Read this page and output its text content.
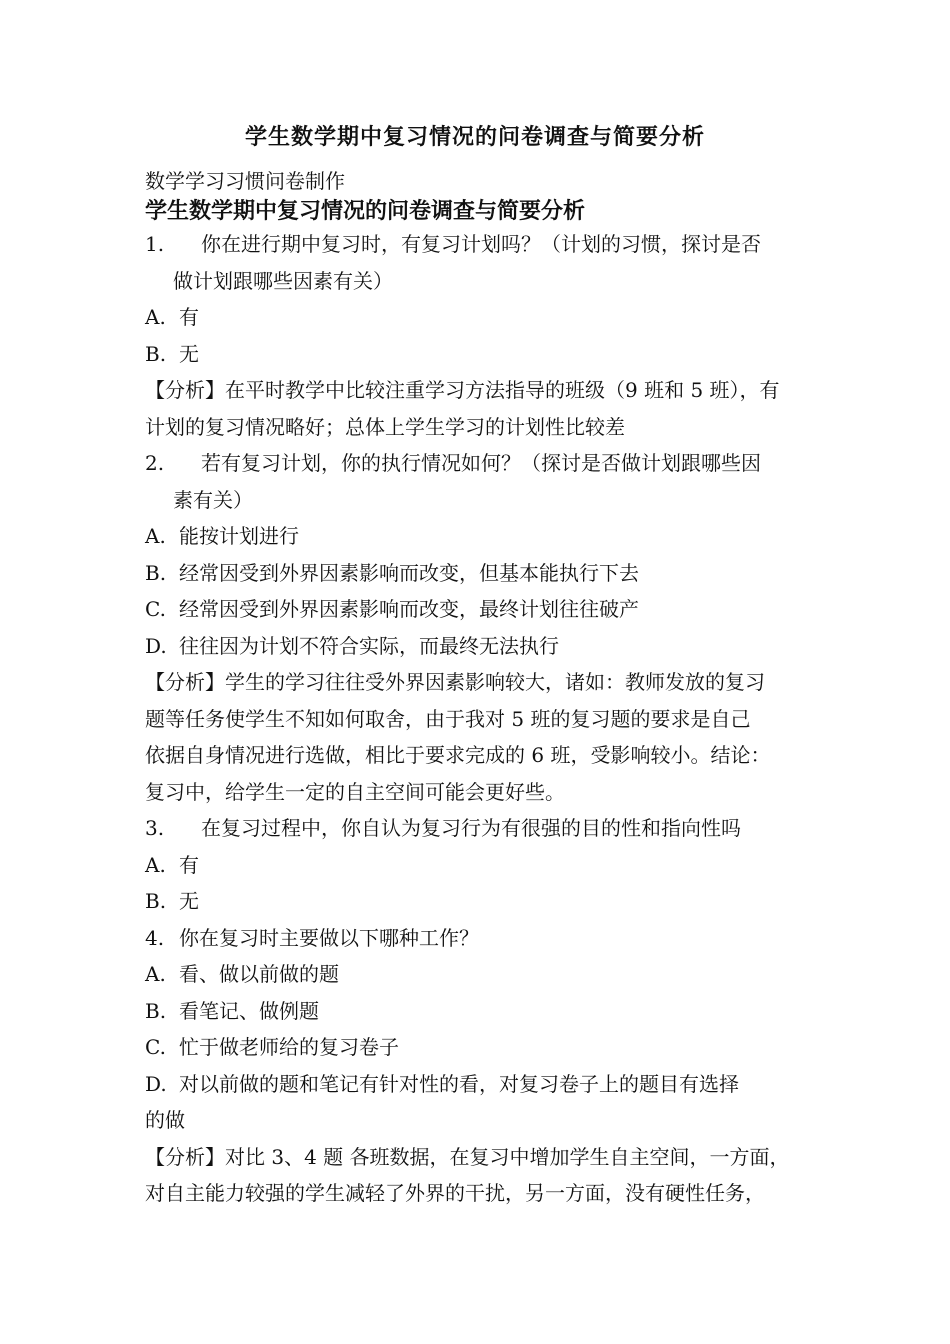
学生数学期中复习情况的问卷调查与简要分析

数学学习习惯问卷制作

学生数学期中复习情况的问卷调查与简要分析

1. 你在进行期中复习时，有复习计划吗？（计划的习惯，探讨是否

做计划跟哪些因素有关）

A. 有

B. 无

【分析】在平时教学中比较注重学习方法指导的班级（9 班和 5 班），有

计划的复习情况略好；总体上学生学习的计划性比较差

2. 若有复习计划，你的执行情况如何？（探讨是否做计划跟哪些因

素有关）

A. 能按计划进行

B. 经常因受到外界因素影响而改变，但基本能执行下去

C. 经常因受到外界因素影响而改变，最终计划往往破产

D. 往往因为计划不符合实际，而最终无法执行

【分析】学生的学习往往受外界因素影响较大，诸如：教师发放的复习

题等任务使学生不知如何取舍，由于我对 5 班的复习题的要求是自己

依据自身情况进行选做，相比于要求完成的 6 班，受影响较小。结论：

复习中，给学生一定的自主空间可能会更好些。

3. 在复习过程中，你自认为复习行为有很强的目的性和指向性吗

A. 有

B. 无

4. 你在复习时主要做以下哪种工作？

A. 看、做以前做的题

B. 看笔记、做例题

C. 忙于做老师给的复习卷子

D. 对以前做的题和笔记有针对性的看，对复习卷子上的题目有选择

的做

【分析】对比 3、4 题 各班数据，在复习中增加学生自主空间，一方面，

对自主能力较强的学生减轻了外界的干扰，另一方面，没有硬性任务，
